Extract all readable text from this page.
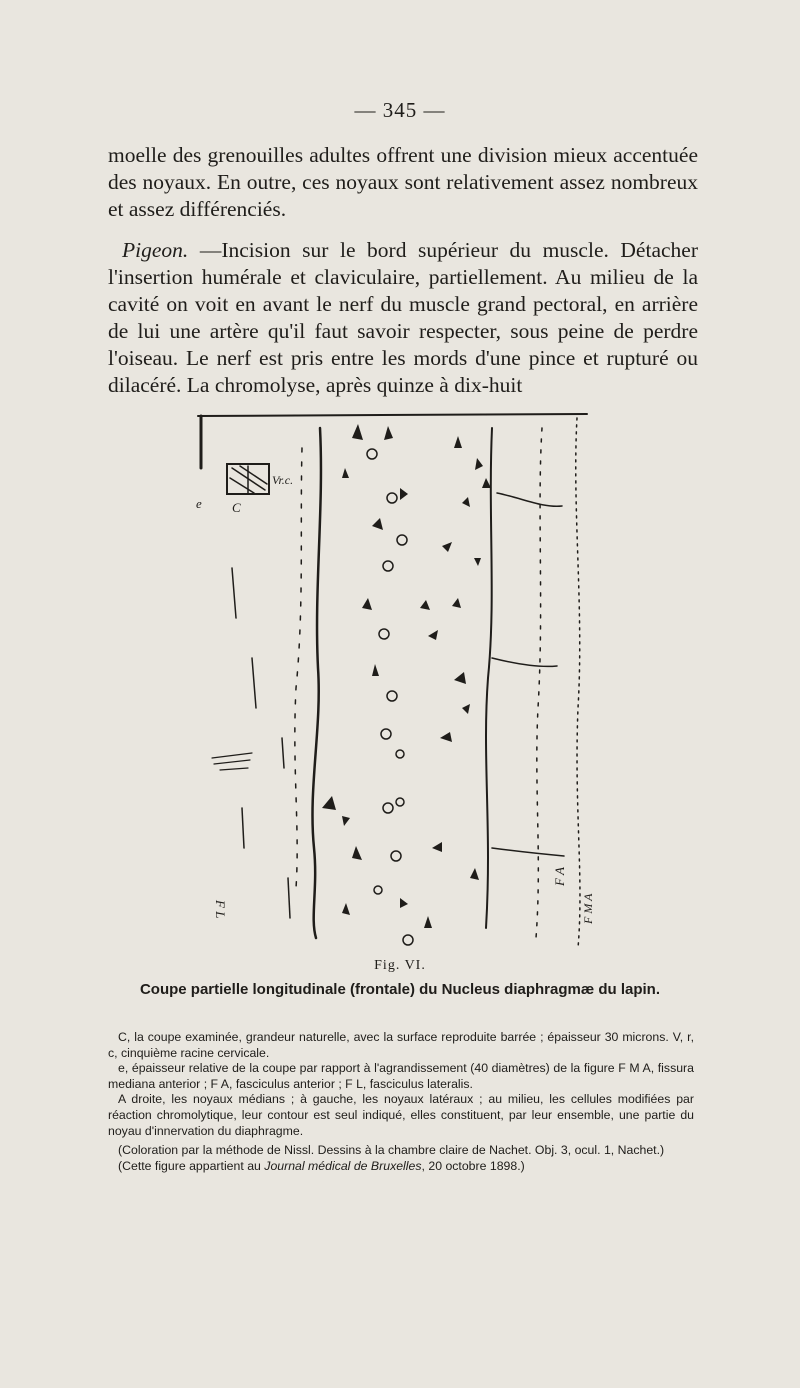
— 345 —

moelle des grenouilles adultes offrent une division mieux accentuée des noyaux. En outre, ces noyaux sont relativement assez nombreux et assez différenciés.

Pigeon. —Incision sur le bord supérieur du muscle. Détacher l'insertion humérale et claviculaire, partiellement. Au milieu de la cavité on voit en avant le nerf du muscle grand pectoral, en arrière de lui une artère qu'il faut savoir respecter, sous peine de perdre l'oiseau. Le nerf est pris entre les mords d'une pince et rupturé ou dilacéré. La chromolyse, après quinze à dix-huit

Vr.c.
C
e
F L
F A
F M A
Fig. VI.
Coupe partielle longitudinale (frontale) du Nucleus diaphragmæ du lapin.

C, la coupe examinée, grandeur naturelle, avec la surface reproduite barrée ; épaisseur 30 microns. V, r, c, cinquième racine cervicale.

e, épaisseur relative de la coupe par rapport à l'agrandissement (40 diamètres) de la figure F M A, fissura mediana anterior ; F A, fasciculus anterior ; F L, fasciculus lateralis.

A droite, les noyaux médians ; à gauche, les noyaux latéraux ; au milieu, les cellules modifiées par réaction chromolytique, leur contour est seul indiqué, elles constituent, par leur ensemble, une partie du noyau d'innervation du diaphragme.

(Coloration par la méthode de Nissl. Dessins à la chambre claire de Nachet. Obj. 3, ocul. 1, Nachet.)

(Cette figure appartient au Journal médical de Bruxelles, 20 octobre 1898.)
